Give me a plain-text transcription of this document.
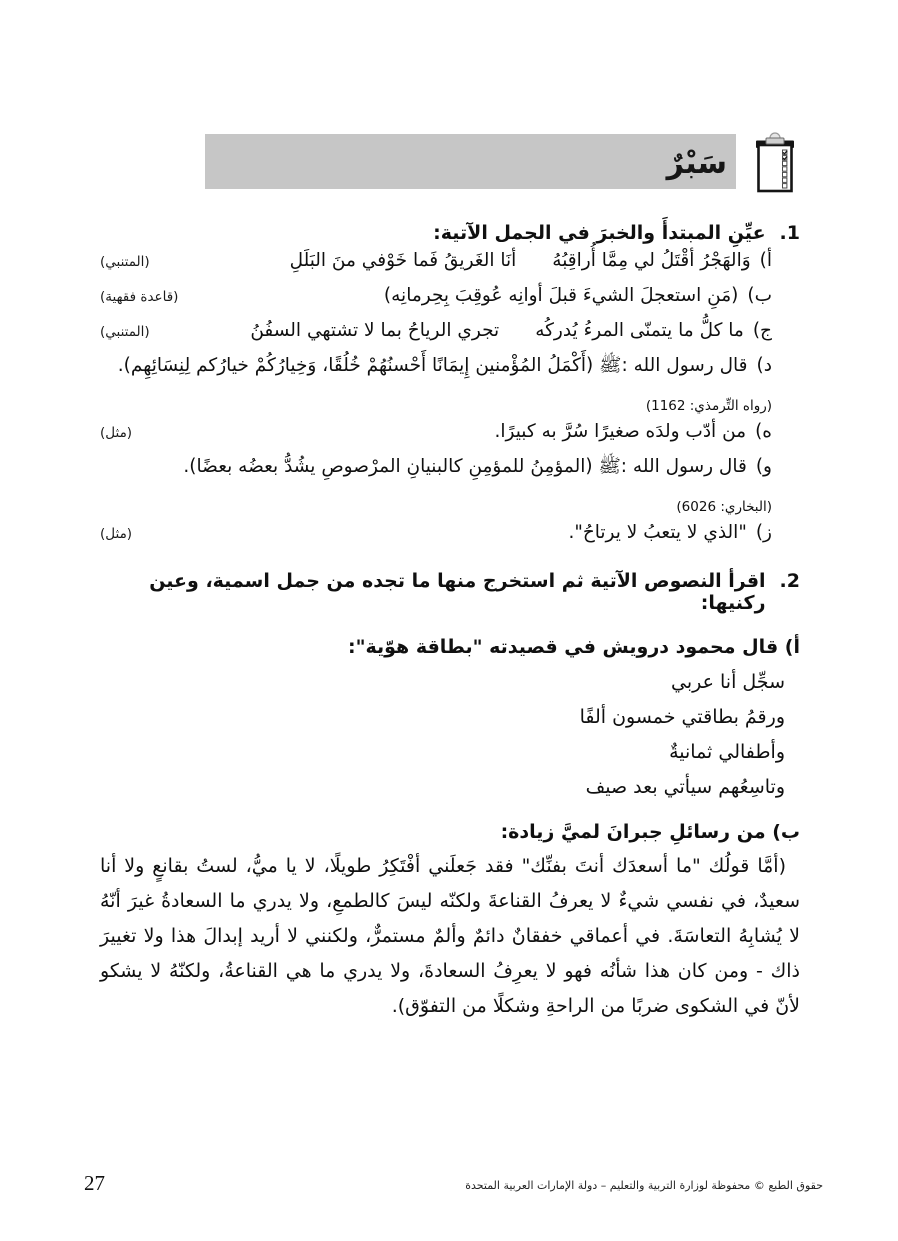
سَبْرٌ
1.
عيِّنِ المبتدأَ والخبرَ في الجمل الآتية:
أ)
وَالهَجْرُ أقْتَلُ لي مِمَّا أُراقِبُهُ
أنَا الغَريقُ فَما خَوْفي منَ البَلَلِ
(المتنبي)
ب)
(مَنِ استعجلَ الشيءَ قبلَ أوانِه عُوقِبَ بِحِرمانِه)
(قاعدة فقهية)
ج)
ما كلُّ ما يتمنّى المرءُ يُدركُه
تجري الرياحُ بما لا تشتهي السفُنُ
(المتنبي)
د)
قال رسول الله :ﷺ (أَكْمَلُ المُؤْمنين إِيمَانًا أَحْسنُهُمْ خُلُقًا، وَخِيارُكُمْ خيارُكم لِنِسَائِهِم).
(رواه التِّرمذي: 1162)
ه)
من أدّب ولدَه صغيرًا سُرَّ به كبيرًا.
(مثل)
و)
قال رسول الله :ﷺ (المؤمِنُ للمؤمِنِ كالبنيانِ المرْصوصِ يشُدُّ بعضُه بعضًا).
(البخاري: 6026)
ز)
"الذي لا يتعبُ لا يرتاحُ".
(مثل)
2.
اقرأ النصوص الآتية ثم استخرج منها ما تجده من جمل اسمية، وعين ركنيها:
أ) قال محمود درويش في قصيدته "بطاقة هوّية":
سجِّل أنا عربي
ورقمُ بطاقتي خمسون ألفًا
وأطفالي ثمانيةٌ
وتاسِعُهم سيأتي بعد صيف
ب) من رسائلِ جبرانَ لميَّ زيادة:
(أمَّا قولُك "ما أسعدَك أنتَ بفنِّك" فقد جَعلَني أفْتَكِرُ طويلًا، لا يا ميُّ، لستُ بقانعٍ ولا أنا سعيدٌ، في نفسي شيءٌ لا يعرفُ القناعةَ ولكنّه ليسَ كالطمعِ، ولا يدري ما السعادةُ غيرَ أنّهُ لا يُشابِهُ التعاسَةَ. في أعماقي خفقانٌ دائمٌ وألمٌ مستمرٌّ، ولكنني لا أريد إبدالَ هذا ولا تغييرَ ذاك - ومن كان هذا شأنُه فهو لا يعرِفُ السعادةَ، ولا يدري ما هي القناعةُ، ولكنّهُ لا يشكو لأنّ في الشكوى ضربًا من الراحةِ وشكلًا من التفوّق).
27	حقوق الطبع © محفوظة لوزارة التربية والتعليم – دولة الإمارات العربية المتحدة
